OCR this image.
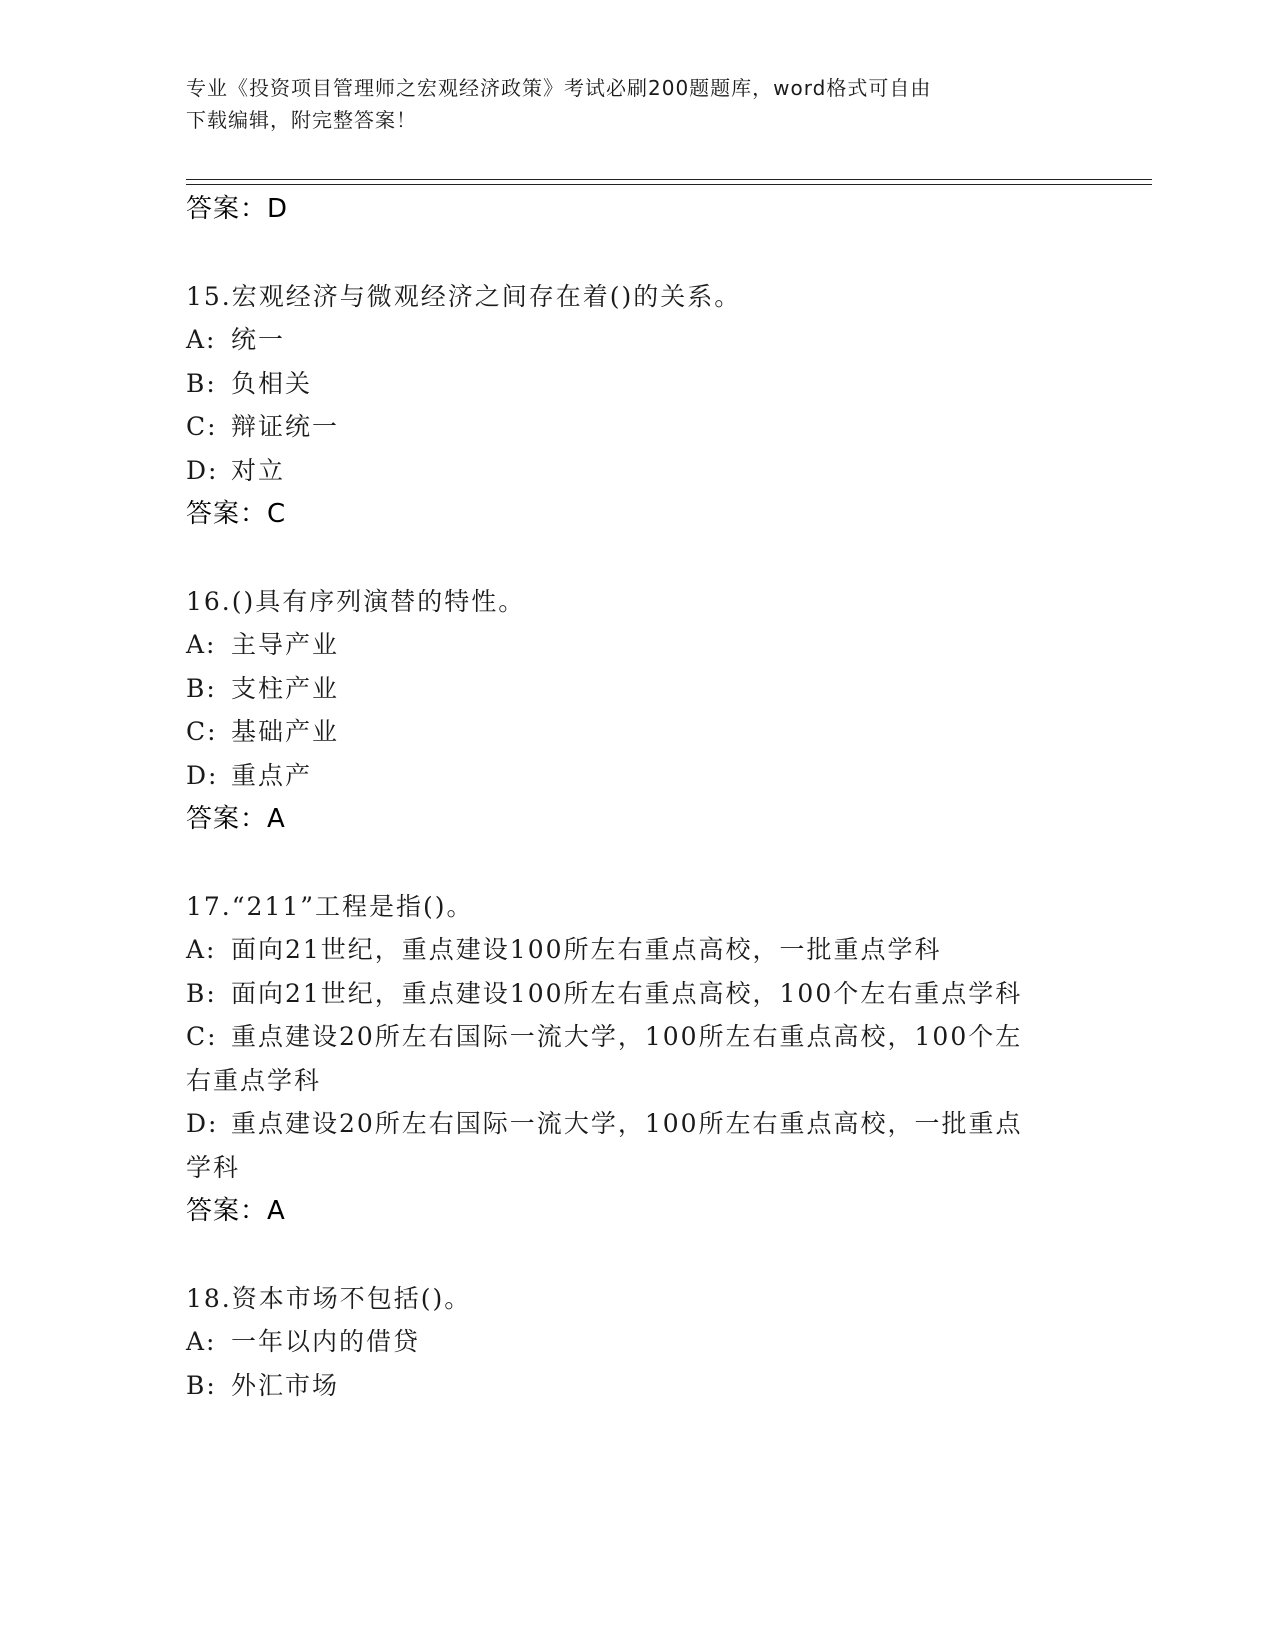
专业《投资项目管理师之宏观经济政策》考试必刷200题题库，word格式可自由
下载编辑，附完整答案！
答案：D
15.宏观经济与微观经济之间存在着()的关系。
A: 统一
B: 负相关
C: 辩证统一
D: 对立
答案：C
16.()具有序列演替的特性。
A: 主导产业
B: 支柱产业
C: 基础产业
D: 重点产
答案：A
17.“211”工程是指()。
A: 面向21世纪，重点建设100所左右重点高校，一批重点学科
B: 面向21世纪，重点建设100所左右重点高校，100个左右重点学科
C: 重点建设20所左右国际一流大学，100所左右重点高校，100个左
右重点学科
D: 重点建设20所左右国际一流大学，100所左右重点高校，一批重点
学科
答案：A
18.资本市场不包括()。
A: 一年以内的借贷
B: 外汇市场
